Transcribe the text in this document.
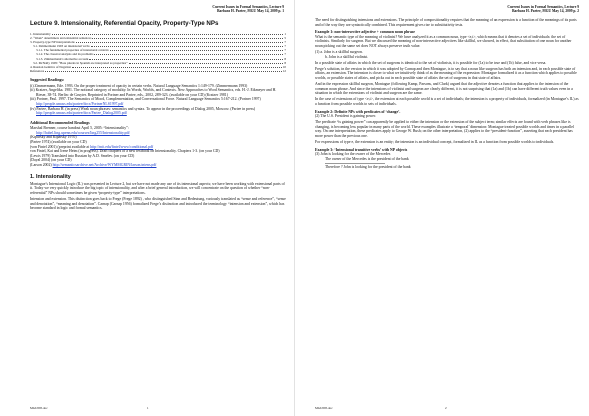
Current Issues in Formal Semantics, Lecture 9
Barbara H. Partee, MGU May 14, 2009 p. 1
Lecture 9. Intensionality, Referential Opacity, Property-Type NPs
1. Intensionality	1
2. “Weak” determiners and existential sentences	5
3. Property-type NP interpretations	7
3.1. Zimmermann 1993 on intensional verbs	7
3.1.1. The fundamental properties of intensional contexts	7
3.1.2. The classical analysis and its problems	7
3.1.3. Zimmermann’s alternative account	8
3.2. McNally 1995: “Bare plurals in Spanish are interpreted as properties”	8
4. Russian Genitive of Negation	10
References	12
Suggested Readings:

(i) Zimmermann, Ede. 1993. On the proper treatment of opacity in certain verbs. Natural Language Semantics 1:149-179. (Zimmermann 1993)

(ii) Kratzer, Angelika. 1981. The notional category of modality. In Words, Worlds, and Contexts. New Approaches to Word Semantics, eds. H.-J. Eikmeyer and H. Rieser, 38-74. Berlin: de Gruyter. Reprinted in Portner and Partee, eds., 2002, 289-323. (available on your CD) (Kratzer 1981)

(iii) Portner, Paul. 1997. The Semantics of Mood, Complementation, and Conversational Force. Natural Language Semantics 5:167-212. (Portner 1997)
http://people.umass.edu/partee/docs/PortnerNLS1997.pdf

(iv) Partee, Barbara H. (in press) Weak noun phrases: semantics and syntax. To appear in the proceedings of Dialog 2005, Moscow. (Partee in press)
http://people.umass.edu/partee/docs/Partee_Dialog2005.pdf

Additional Recommended Readings

Marshal Brenner, course handout April 5, 2005: “Intensionality”:
http://babel.ling.upenn.edu/courses/ling255/Intensionality.pdf

(Kipursky and Kiparsky 1970)

(Partee 1974) (available on your CD)

(von Fintel 2001) (preprint available at http://mit.edu/fintel/www/conditional.pdf

von Fintel, Kai and Irene Heim (in progress). Draft chapters of a new textbook on Intensionality. Chapters 1-3. (on your CD)

(Lewis 1979) Translated into Russian by A.D. Smelev. (on your CD)

(Dayal 2004) (on your CD)

(Larson 2002) http://semanticsarchive.net/Archive/WYMMGRIN/larson.intens.pdf

1. Intensionality

Montague’s Intensional Logic (IL) was presented in Lecture 2, but we have not made any use of its intensional aspects; we have been working with extensional parts of it. Today we very quickly introduce the big topic of intensionality, and after a brief general introduction, we will concentrate on the question of whether “non-referential” NPs should sometimes be given “property-type” interpretations.

Intension and extension. This distinction goes back to Frege (Frege 1892) , who distinguished Sinn and Bedeutung, variously translated as “sense and reference”, “sense and denotation”, “meaning and denotation”. Carnap (Carnap 1956) formalized Frege’s distinction and introduced the terminology “intension and extension”, which has become standard in logic and formal semantics.

MGU095.doc	1
Current Issues in Formal Semantics, Lecture 9
Barbara H. Partee, MGU May 14, 2009 p. 2

The need for distinguishing intensions and extensions. The principle of compositionality requires that the meaning of an expression is a function of the meanings of its parts and of the way they are syntactically combined. This requirement gives rise to substitutivity tests.

Example 1: non-intersective adjective + common noun phrase

What is the semantic type of the meaning of violinist? We have analyzed it as a common noun, type <e,t>, which means that it denotes a set of individuals: the set of violinists. Similarly for surgeon. But we discussed the meaning of non-intersective adjectives like skillful, we showed, in effect, that substitution of one noun for another noun picking out the same set does NOT always preserve truth value.

(1) a. John is a skillful surgeon.
b. John is a skillful violinist.

In a possible state of affairs in which the set of surgeons is identical to the set of violinists, it is possible for (1a) to be true and (1b) false, and vice versa.

Frege’s solution, in the version in which it was adopted by Carnap and then Montague, is to say that a noun like surgeon has both an intension and, in each possible state of affairs, an extension. The intension is closer to what we intuitively think of as the meaning of the expression: Montague formalized it as a function which applies to possible worlds, or possible states of affairs, and picks out in each possible state of affairs the set of surgeons in that state of affairs.

And in the expression skillful surgeon, Montague (following Kamp, Parsons, and Clark) argued that the adjective denotes a function that applies to the intension of the common noun phrase. And since the intensions of violinist and surgeon are clearly different, it is not surprising that (1a) and (1b) can have different truth values even in a situation in which the extensions of violinist and surgeon are the same.

In the case of extensions of type <e,t>, the extension at each possible world is a set of individuals; the intension is a property of individuals, formalized (in Montague’s IL) as a function from possible worlds to sets of individuals.

Example 2: Definite NPs with predicates of ‘change’.

(2) The U.S. President is gaining power.

The predicate “is gaining power” can apparently be applied to either the intension or the extension of the subject term; similar effects are found with verb phrases like is changing, is becoming less popular in many parts of the world. These examples illustrate a ‘temporal’ dimension: Montague treated possible worlds and times in a parallel way. On one interpretation, these predicates apply to George W. Bush; on the other interpretation, (2) applies to the “president-function”, asserting that each president has more power than the previous one.

For expressions of type e, the extension is an entity; the intension is an individual concept, formalized in IL as a function from possible worlds to individuals.

Example 3: ‘Intensional transitive verbs’ with NP objects

(3) John is looking for the owner of the Mercedes
The owner of the Mercedes is the president of the bank
Therefore ? John is looking for the president of the bank
MGU095.doc	2
